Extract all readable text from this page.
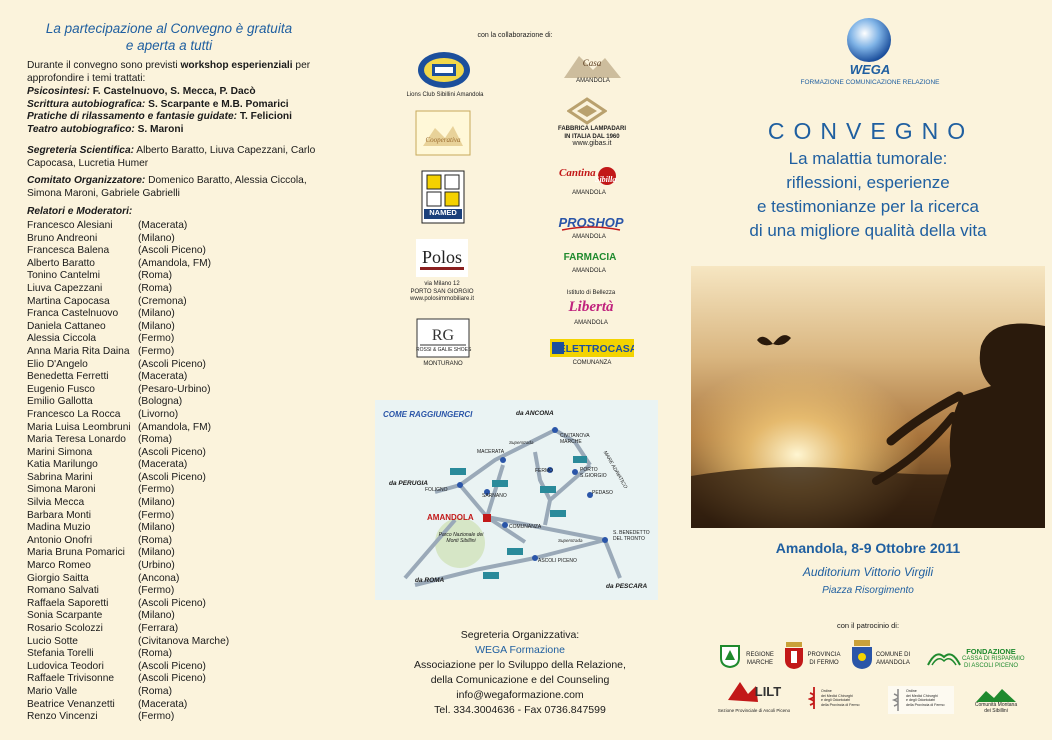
La partecipazione al Convegno è gratuita
e aperta a tutti
Durante il convegno sono previsti workshop esperienziali per approfondire i temi trattati:
Psicosintesi: F. Castelnuovo, S. Mecca, P. Dacò
Scrittura autobiografica: S. Scarpante e M.B. Pomarici
Pratiche di rilassamento e fantasie guidate: T. Felicioni
Teatro autobiografico: S. Maroni
Segreteria Scientifica: Alberto Baratto, Liuva Capezzani, Carlo Capocasa, Lucretia Humer
Comitato Organizzatore: Domenico Baratto, Alessia Ciccola, Simona Maroni, Gabriele Gabrielli
Relatori e Moderatori:
Francesco Alesiani	(Macerata)
Bruno Andreoni	(Milano)
Francesca Balena	(Ascoli Piceno)
Alberto Baratto	(Amandola, FM)
Tonino Cantelmi	(Roma)
Liuva Capezzani	(Roma)
Martina Capocasa	(Cremona)
Franca Castelnuovo	(Milano)
Daniela Cattaneo	(Milano)
Alessia Ciccola	(Fermo)
Anna Maria Rita Daina (Fermo)
Elio D'Angelo	(Ascoli Piceno)
Benedetta Ferretti	(Macerata)
Eugenio Fusco	(Pesaro-Urbino)
Emilio Gallotta	(Bologna)
Francesco La Rocca	(Livorno)
Maria Luisa Leombruni (Amandola, FM)
Maria Teresa Lonardo	(Roma)
Marini Simona	(Ascoli Piceno)
Katia Marilungo	(Macerata)
Sabrina Marini	(Ascoli Piceno)
Simona Maroni	(Fermo)
Silvia Mecca	(Milano)
Barbara Monti	(Fermo)
Madina Muzio	(Milano)
Antonio Onofri	(Roma)
Maria Bruna Pomarici	(Milano)
Marco Romeo	(Urbino)
Giorgio Saitta	(Ancona)
Romano Salvati	(Fermo)
Raffaela Saporetti	(Ascoli Piceno)
Sonia Scarpante	(Milano)
Rosario Scolozzi	(Ferrara)
Lucio Sotte	(Civitanova Marche)
Stefania Torelli	(Roma)
Ludovica Teodori	(Ascoli Piceno)
Raffaele Trivisonne	(Ascoli Piceno)
Mario Valle	(Roma)
Beatrice Venanzetti	(Macerata)
Renzo Vincenzi	(Fermo)
con la collaborazione di:
Lions Club Sibillini Amandola
Casa
AMANDOLA
FABBRICA LAMPADARI
IN ITALIA DAL 1960
www.gibas.it
Cooperativa
NAMED
Cantina
Sibilla
AMANDOLA
PROSHOP
AMANDOLA
Polos
via Milano 12
PORTO SAN GIORGIO
www.polosimmobiliare.it
FARMACIA
AMANDOLA
Istituto di Bellezza
Libertà
AMANDOLA
RG
ROSSI & GALIE SHOES
MONTURANO
ELETTROCASA
COMUNANZA
COME RAGGIUNGERCI	da ANCONA
da PERUGIA
da ROMA
da PESCARA
AMANDOLA
CIVITANOVA MARCHE
MACERATA
FERMO	PORTO S.GIORGIO
PEDASO
SARNANO
FOLIGNO
COMUNANZA
ASCOLI PICENO
S. BENEDETTO DEL TRONTO
Parco Nazionale dei Monti Sibillini
MARE ADRIATICO
Superstrada
Superstrada
Segreteria Organizzativa:
WEGA Formazione
Associazione per lo Sviluppo della Relazione,
della Comunicazione e del Counseling
info@wegaformazione.com
Tel. 334.3004636 - Fax 0736.847599
WEGA
FORMAZIONE COMUNICAZIONE RELAZIONE
CONVEGNO
La malattia tumorale:
riflessioni, esperienze
e testimonianze per la ricerca
di una migliore qualità della vita
Amandola, 8-9 Ottobre 2011
Auditorium Vittorio Virgili
Piazza Risorgimento
con il patrocinio di:
REGIONE
MARCHE
PROVINCIA
DI FERMO
COMUNE DI
AMANDOLA
FONDAZIONE
CASSA DI RISPARMIO
DI ASCOLI PICENO
LILT
Sezione Provinciale di Ascoli Piceno
Ordine
dei Medici Chirurghi
e degli Odontoiatri
della Provincia di Fermo
Ordine
dei Medici Chirurghi
e degli Odontoiatri
della Provincia di Fermo	Comunità Montana
dei Sibillini
